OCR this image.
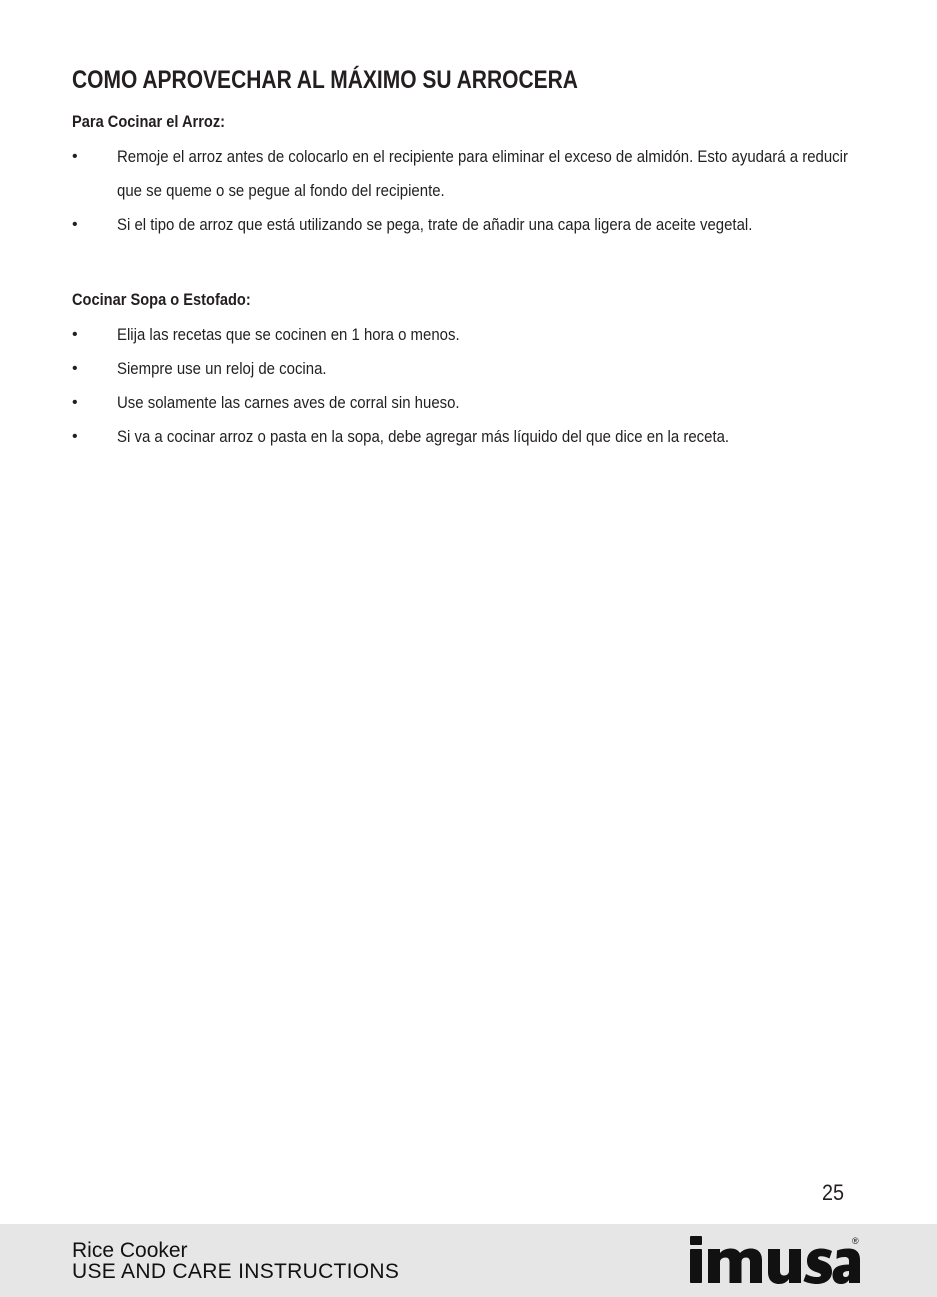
COMO APROVECHAR AL MÁXIMO SU ARROCERA
Para Cocinar el Arroz:
• Remoje el arroz antes de colocarlo en el recipiente para eliminar el exceso de almidón. Esto ayudará a reducir que se queme o se pegue al fondo del recipiente.
• Si el tipo de arroz que está utilizando se pega, trate de añadir una capa ligera de aceite vegetal.
Cocinar Sopa o Estofado:
• Elija las recetas que se cocinen en 1 hora o menos.
• Siempre use un reloj de cocina.
• Use solamente las carnes aves de corral sin hueso.
• Si va a cocinar arroz o pasta en la sopa, debe agregar más líquido del que dice en la receta.
25
Rice Cooker
USE AND CARE INSTRUCTIONS
®
